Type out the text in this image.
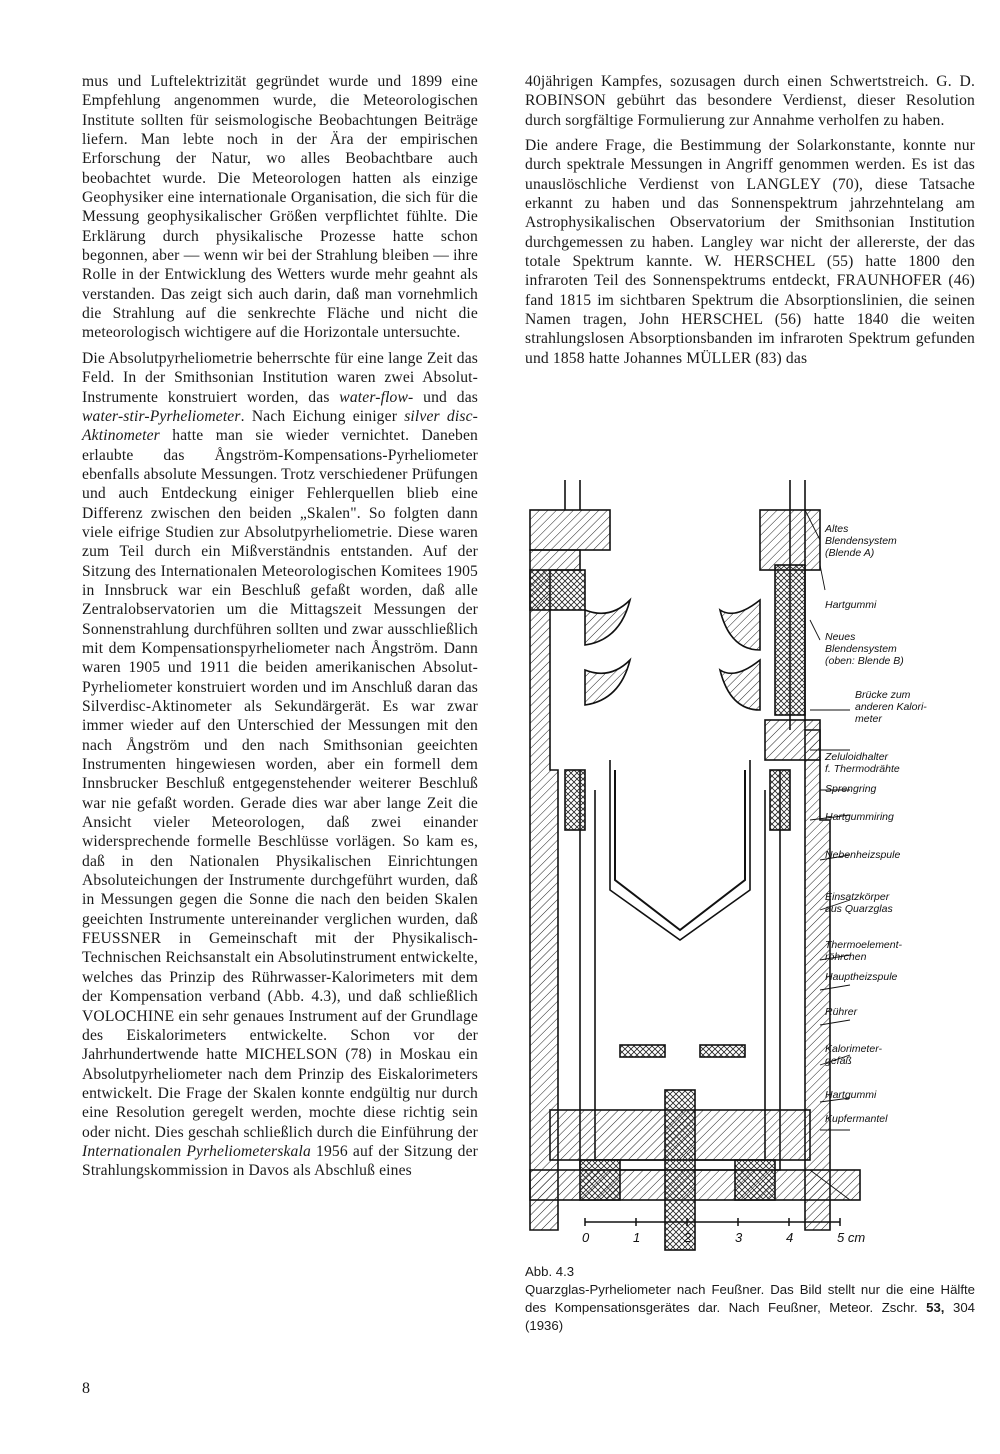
mus und Luftelektrizität gegründet wurde und 1899 eine Empfehlung angenommen wurde, die Meteorologischen Institute sollten für seismologische Beobachtungen Beiträge liefern. Man lebte noch in der Ära der empirischen Erforschung der Natur, wo alles Beobachtbare auch beobachtet wurde. Die Meteorologen hatten als einzige Geophysiker eine internationale Organisation, die sich für die Messung geophysikalischer Größen verpflichtet fühlte. Die Erklärung durch physikalische Prozesse hatte schon begonnen, aber — wenn wir bei der Strahlung bleiben — ihre Rolle in der Entwicklung des Wetters wurde mehr geahnt als verstanden. Das zeigt sich auch darin, daß man vornehmlich die Strahlung auf die senkrechte Fläche und nicht die meteorologisch wichtigere auf die Horizontale untersuchte.

Die Absolutpyrheliometrie beherrschte für eine lange Zeit das Feld. In der Smithsonian Institution waren zwei Absolut-Instrumente konstruiert worden, das water-flow- und das water-stir-Pyrheliometer. Nach Eichung einiger silver disc-Aktinometer hatte man sie wieder vernichtet. Daneben erlaubte das Ångström-Kompensations-Pyrheliometer ebenfalls absolute Messungen. Trotz verschiedener Prüfungen und auch Entdeckung einiger Fehlerquellen blieb eine Differenz zwischen den beiden „Skalen". So folgten dann viele eifrige Studien zur Absolutpyrheliometrie. Diese waren zum Teil durch ein Mißverständnis entstanden. Auf der Sitzung des Internationalen Meteorologischen Komitees 1905 in Innsbruck war ein Beschluß gefaßt worden, daß alle Zentralobservatorien um die Mittagszeit Messungen der Sonnenstrahlung durchführen sollten und zwar ausschließlich mit dem Kompensationspyrheliometer nach Ångström. Dann waren 1905 und 1911 die beiden amerikanischen Absolut-Pyrheliometer konstruiert worden und im Anschluß daran das Silverdisc-Aktinometer als Sekundärgerät. Es war zwar immer wieder auf den Unterschied der Messungen mit den nach Ångström und den nach Smithsonian geeichten Instrumenten hingewiesen worden, aber ein formell dem Innsbrucker Beschluß entgegenstehender weiterer Beschluß war nie gefaßt worden. Gerade dies war aber lange Zeit die Ansicht vieler Meteorologen, daß zwei einander widersprechende formelle Beschlüsse vorlägen. So kam es, daß in den Nationalen Physikalischen Einrichtungen Absoluteichungen der Instrumente durchgeführt wurden, daß in Messungen gegen die Sonne die nach den beiden Skalen geeichten Instrumente untereinander verglichen wurden, daß FEUSSNER in Gemeinschaft mit der Physikalisch-Technischen Reichsanstalt ein Absolutinstrument entwickelte, welches das Prinzip des Rührwasser-Kalorimeters mit dem der Kompensation verband (Abb. 4.3), und daß schließlich VOLOCHINE ein sehr genaues Instrument auf der Grundlage des Eiskalorimeters entwickelte. Schon vor der Jahrhundertwende hatte MICHELSON (78) in Moskau ein Absolutpyrheliometer nach dem Prinzip des Eiskalorimeters entwickelt. Die Frage der Skalen konnte endgültig nur durch eine Resolution geregelt werden, mochte diese richtig sein oder nicht. Dies geschah schließlich durch die Einführung der Internationalen Pyrheliometerskala 1956 auf der Sitzung der Strahlungskommission in Davos als Abschluß eines

40jährigen Kampfes, sozusagen durch einen Schwertstreich. G. D. ROBINSON gebührt das besondere Verdienst, dieser Resolution durch sorgfältige Formulierung zur Annahme verholfen zu haben.

Die andere Frage, die Bestimmung der Solarkonstante, konnte nur durch spektrale Messungen in Angriff genommen werden. Es ist das unauslöschliche Verdienst von LANGLEY (70), diese Tatsache erkannt zu haben und das Sonnenspektrum jahrzehntelang am Astrophysikalischen Observatorium der Smithsonian Institution durchgemessen zu haben. Langley war nicht der allererste, der das totale Spektrum kannte. W. HERSCHEL (55) hatte 1800 den infraroten Teil des Sonnenspektrums entdeckt, FRAUNHOFER (46) fand 1815 im sichtbaren Spektrum die Absorptionslinien, die seinen Namen tragen, John HERSCHEL (56) hatte 1840 die weiten strahlungslosen Absorptionsbanden im infraroten Spektrum gefunden und 1858 hatte Johannes MÜLLER (83) das

Altes Blendensystem (Blende A)
Hartgummi
Neues Blendensystem (oben: Blende B)
Brücke zum anderen Kalori-meter
Zeluloidhalter f. Thermodrähte
Sprengring
Hartgummiring
Nebenheizspule
Einsatzkörper aus Quarzglas
Thermoelement-röhrchen
Hauptheizspule
Rührer
Kalorimeter-gefäß
Hartgummi
Kupfermantel
0	1	2	3	4	5 cm
Abb. 4.3
Quarzglas-Pyrheliometer nach Feußner. Das Bild stellt nur die eine Hälfte des Kompensationsgerätes dar. Nach Feußner, Meteor. Zschr. 53, 304 (1936)
8
